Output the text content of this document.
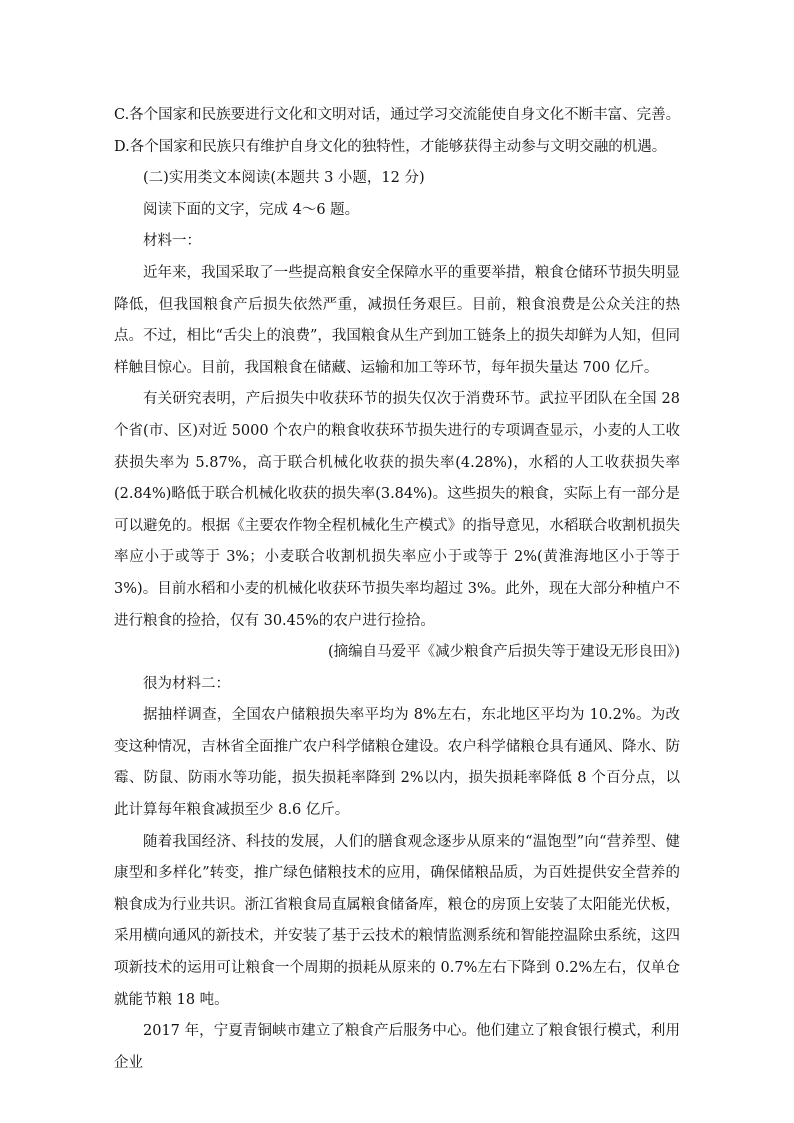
C.各个国家和民族要进行文化和文明对话，通过学习交流能使自身文化不断丰富、完善。

D.各个国家和民族只有维护自身文化的独特性，才能够获得主动参与文明交融的机遇。

(二)实用类文本阅读(本题共 3 小题，12 分)

阅读下面的文字，完成 4～6 题。

材料一：

近年来，我国采取了一些提高粮食安全保障水平的重要举措，粮食仓储环节损失明显降低，但我国粮食产后损失依然严重，减损任务艰巨。目前，粮食浪费是公众关注的热点。不过，相比“舌尖上的浪费”，我国粮食从生产到加工链条上的损失却鲜为人知，但同样触目惊心。目前，我国粮食在储藏、运输和加工等环节，每年损失量达 700 亿斤。

有关研究表明，产后损失中收获环节的损失仅次于消费环节。武拉平团队在全国 28 个省(市、区)对近 5000 个农户的粮食收获环节损失进行的专项调查显示，小麦的人工收获损失率为 5.87%，高于联合机械化收获的损失率(4.28%)，水稻的人工收获损失率(2.84%)略低于联合机械化收获的损失率(3.84%)。这些损失的粮食，实际上有一部分是可以避免的。根据《主要农作物全程机械化生产模式》的指导意见，水稻联合收割机损失率应小于或等于 3%；小麦联合收割机损失率应小于或等于 2%(黄淮海地区小于等于 3%)。目前水稻和小麦的机械化收获环节损失率均超过 3%。此外，现在大部分种植户不进行粮食的捡拾，仅有 30.45%的农户进行捡拾。

(摘编自马爱平《减少粮食产后损失等于建设无形良田》)

很为材料二：

据抽样调查，全国农户储粮损失率平均为 8%左右，东北地区平均为 10.2%。为改变这种情况，吉林省全面推广农户科学储粮仓建设。农户科学储粮仓具有通风、降水、防霉、防鼠、防雨水等功能，损失损耗率降到 2%以内，损失损耗率降低 8 个百分点，以此计算每年粮食减损至少 8.6 亿斤。

随着我国经济、科技的发展，人们的膳食观念逐步从原来的“温饱型”向“营养型、健康型和多样化”转变，推广绿色储粮技术的应用，确保储粮品质，为百姓提供安全营养的粮食成为行业共识。浙江省粮食局直属粮食储备库，粮仓的房顶上安装了太阳能光伏板，采用横向通风的新技术，并安装了基于云技术的粮情监测系统和智能控温除虫系统，这四项新技术的运用可让粮食一个周期的损耗从原来的 0.7%左右下降到 0.2%左右，仅单仓就能节粮 18 吨。

2017 年，宁夏青铜峡市建立了粮食产后服务中心。他们建立了粮食银行模式，利用企业
